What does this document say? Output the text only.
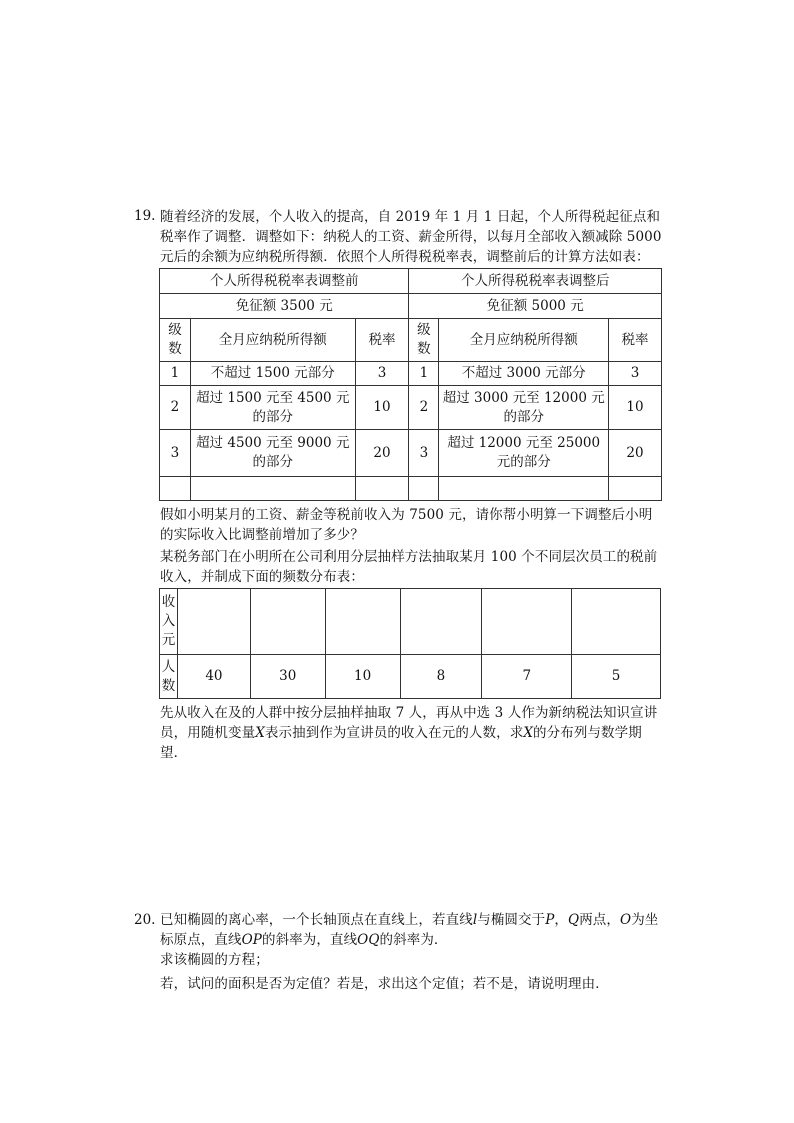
19. 随着经济的发展，个人收入的提高，自 2019 年 1 月 1 日起，个人所得税起征点和税率作了调整．调整如下：纳税人的工资、薪金所得，以每月全部收入额减除 5000 元后的余额为应纳税所得额．依照个人所得税税率表，调整前后的计算方法如表：

个人所得税税率表调整前			个人所得税税率表调整后		
免征额 3500 元			免征额 5000 元		
级数	全月应纳税所得额	税率	级数	全月应纳税所得额	税率
1	不超过 1500 元部分	3	1	不超过 3000 元部分	3
2	超过 1500 元至 4500 元的部分	10	2	超过 3000 元至 12000 元的部分	10
3	超过 4500 元至 9000 元的部分	20	3	超过 12000 元至 25000 元的部分	20

假如小明某月的工资、薪金等税前收入为 7500 元，请你帮小明算一下调整后小明的实际收入比调整前增加了多少？

某税务部门在小明所在公司利用分层抽样方法抽取某月 100 个不同层次员工的税前收入，并制成下面的频数分布表：

收入元						
人数	40	30	10	8	7	5

先从收入在及的人群中按分层抽样抽取 7 人，再从中选 3 人作为新纳税法知识宣讲员，用随机变量X表示抽到作为宣讲员的收入在元的人数，求X的分布列与数学期望．

20. 已知椭圆的离心率，一个长轴顶点在直线上，若直线l与椭圆交于P，Q两点，O为坐标原点，直线OP的斜率为，直线OQ的斜率为．

求该椭圆的方程；

若，试问的面积是否为定值？若是，求出这个定值；若不是，请说明理由．
